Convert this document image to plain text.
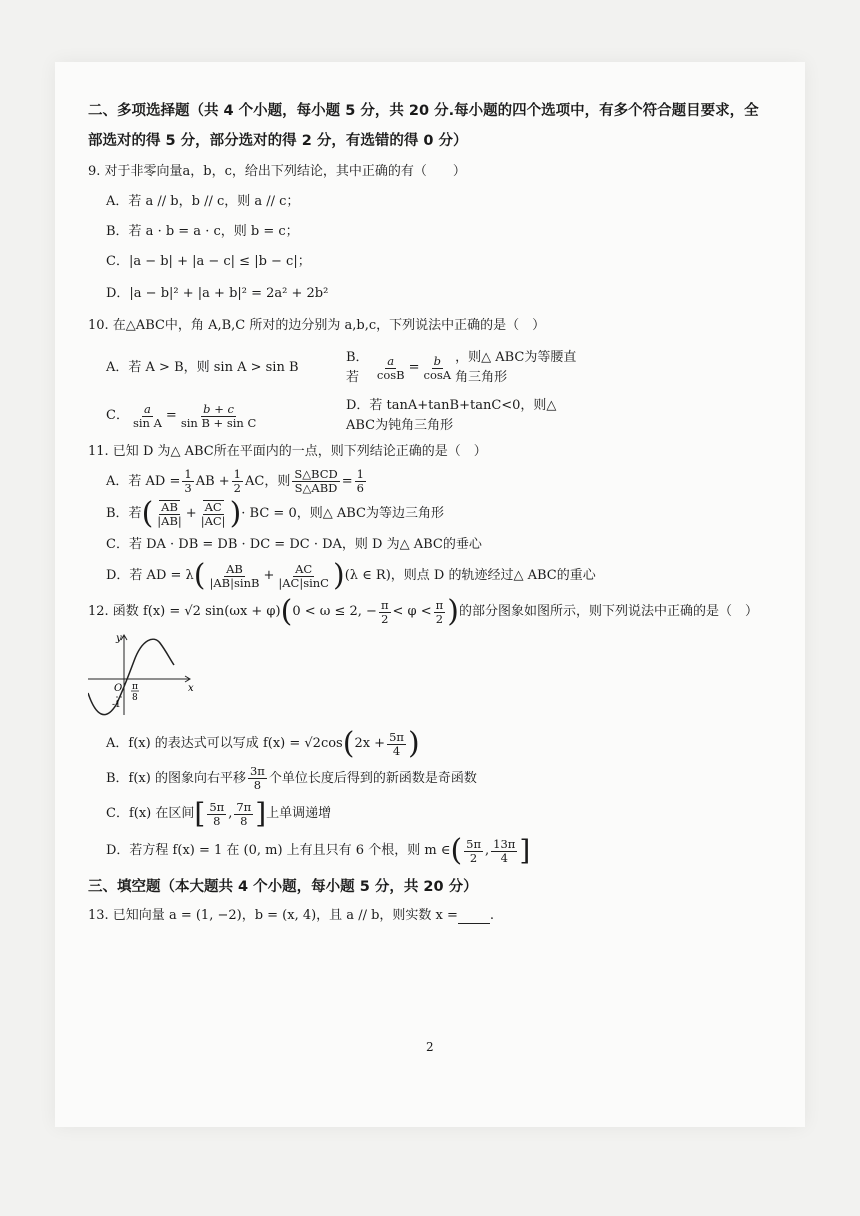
二、多项选择题（共 4 个小题，每小题 5 分，共 20 分.每小题的四个选项中，有多个符合题目要求，全

部选对的得 5 分，部分选对的得 2 分，有选错的得 0 分）

9. 对于非零向量a，b，c，给出下列结论，其中正确的有（　　）

A．若 a // b，b // c，则 a // c；

B．若 a · b = a · c，则 b = c；

C．|a − b| + |a − c| ≤ |b − c|；

D．|a − b|² + |a + b|² = 2a² + 2b²

10. 在△ABC中，角 A,B,C 所对的边分别为 a,b,c，下列说法中正确的是（　）

A．若 A > B，则 sin A > sin B
B．若	$\frac{a}{\cos B} = \frac{b}{\cos A}$ ，则△ ABC为等腰直角三角形
C． $\frac{a}{\text{sin A}} = \frac{b + c}{\text{sin B + sin C}}$	D．若 tanA+tanB+tanC<0，则△ ABC为钝角三角形

11. 已知 D 为△ ABC所在平面内的一点，则下列结论正确的是（　）

A．若 AD = $\frac{1}{3}$ AB + $\frac{1}{2}$ AC，则 $\frac{\text{S△BCD}}{\text{S△ABD}} = \frac{1}{6}$
B．若 ( $\frac{AB}{|AB|} + \frac{AC}{|AC|}$ ) · BC = 0，则△ ABC为等边三角形

C．若 DA · DB = DB · DC = DC · DA，则 D 为△ ABC的垂心

D．若 AD = λ ( $\frac{AB}{|AB|\sin B} + \frac{AC}{|AC|\sin C}$ ) (λ ∈ R)，则点 D 的轨迹经过△ ABC的重心
12. 函数 f(x) = √2 sin(ωx + φ) ( 0 < ω ≤ 2, − $\frac{\pi}{2} < \varphi < \frac{\pi}{2}$ ) 的部分图象如图所示，则下列说法中正确的是（　）
y
x
O
-1
π
8
A．f(x) 的表达式可以写成 f(x) = √2cos ( $2x + \frac{5\pi}{4}$ )
B．f(x) 的图象向右平移 $\frac{3\pi}{8}$ 个单位长度后得到的新函数是奇函数
C．f(x) 在区间 [ $\frac{5\pi}{8}$ , $\frac{7\pi}{8}$ ] 上单调递增
D．若方程 f(x) = 1 在 (0, m) 上有且只有 6 个根，则 m ∈ ( $\frac{5\pi}{2}$ , $\frac{13\pi}{4}$ ]

三、填空题（本大题共 4 个小题，每小题 5 分，共 20 分）

13. 已知向量 a = (1, −2)，b = (x, 4)，且 a // b，则实数 x = .
2
